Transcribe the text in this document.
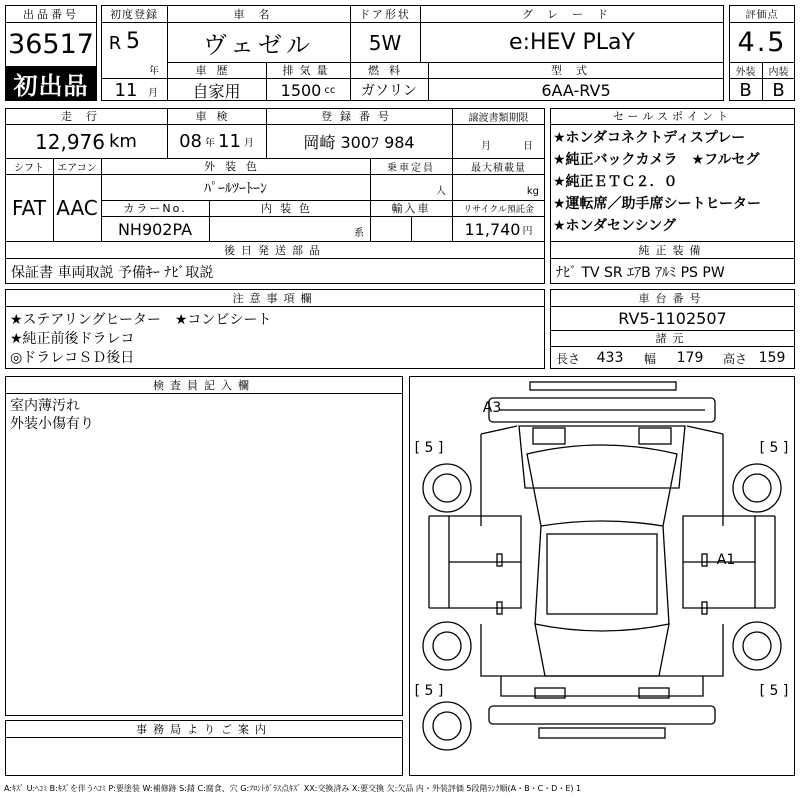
出品番号
36517
初出品
初度登録
R 5
年
11	月
車名
ヴェゼル
ドア形状
5W
グレード
e:HEV PLaY
車歴
自家用
排気量
1500 cc
燃料
ガソリン
型式
6AA-RV5
評価点
4.5
外装	内装
B	B
走行
12,976 km
車検
08 年 11 月
登録番号
岡崎 300ﾌ 984
譲渡書類期限
月	日
シフト
FAT
エアコン
AAC
外装色
ﾊﾟｰﾙﾂｰﾄｰﾝ
乗車定員
人
最大積載量
kg
カラーNo.
NH902PA
内装色
系
輸入車	リサイクル預託金
11,740 円
後日発送部品
保証書 車両取説 予備ｷｰ ﾅﾋﾞ取説
セールスポイント
★ホンダコネクトディスプレー
★純正バックカメラ　★フルセグ
★純正ＥＴＣ２．０
★運転席／助手席シートヒーター
★ホンダセンシング
純正装備
ﾅﾋﾞ TV SR ｴｱB ｱﾙﾐ PS PW
注意事項欄
★ステアリングヒーター　★コンビシート
★純正前後ドラレコ
◎ドラレコＳＤ後日
車台番号
RV5-1102507
諸元
長さ	433	幅	179	高さ 159
検査員記入欄
室内薄汚れ
外装小傷有り
事務局よりご案内
A3
A1
[ 5 ]	[ 5 ]
[ 5 ]	[ 5 ]
A:ｷｽﾞ U:ﾍｺﾐ B:ｷｽﾞを伴うﾍｺﾐ P:要塗装 W:補修跡 S:錆 C:腐食、穴 G:ﾌﾛﾝﾄｶﾞﾗｽ点ｷｽﾞ XX:交換済み X:要交換 欠:欠品 内・外装評価 5段階ﾗﾝｸ順(A・B・C・D・E) 1
